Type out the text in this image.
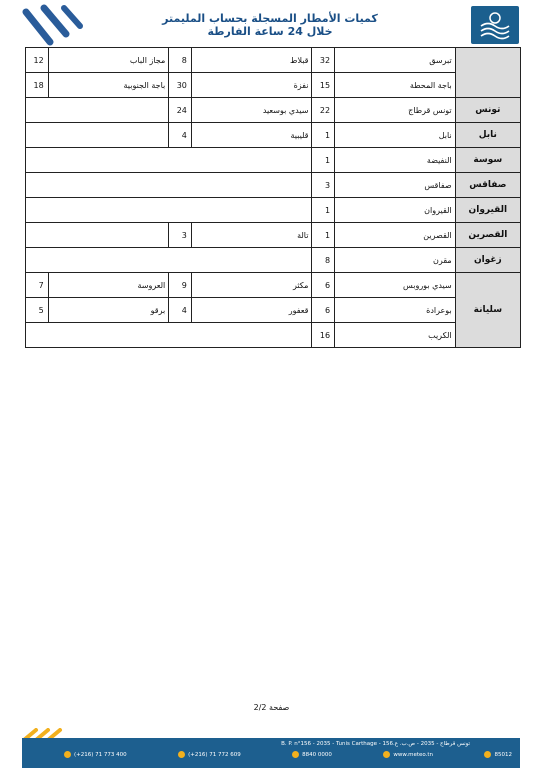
كميات الأمطار المسجلة بحساب المليمتر
خلال 24 ساعة الفارطة
	تبرسق	32	قبلاط	8	مجاز الباب	12
	باجة المحطة	15	نفزة	30	باجة الجنوبية	18
تونس	تونس قرطاج	22	سيدي بوسعيد	24		
نابل	نابل	1	قليبية	4		
سوسة	النفيضة	1				
صفاقس	صفاقس	3				
القيروان	القيروان	1				
القصرين	القصرين	1	تالة	3		
زغوان	مقرن	8				
	سيدي بوروبس	6	مكثر	9	العروسة	7
سليانة	بوعرادة	6	قعفور	4	برقو	5
	الكريب	16				
صفحة 2/2
B. P. n°156 - 2035 - Tunis Carthage - تونس قرطاج - 2035 - ص.ب. ع.156
(+216) 71 773 400	(+216) 71 772 609	8840 0000	www.meteo.tn	85012
